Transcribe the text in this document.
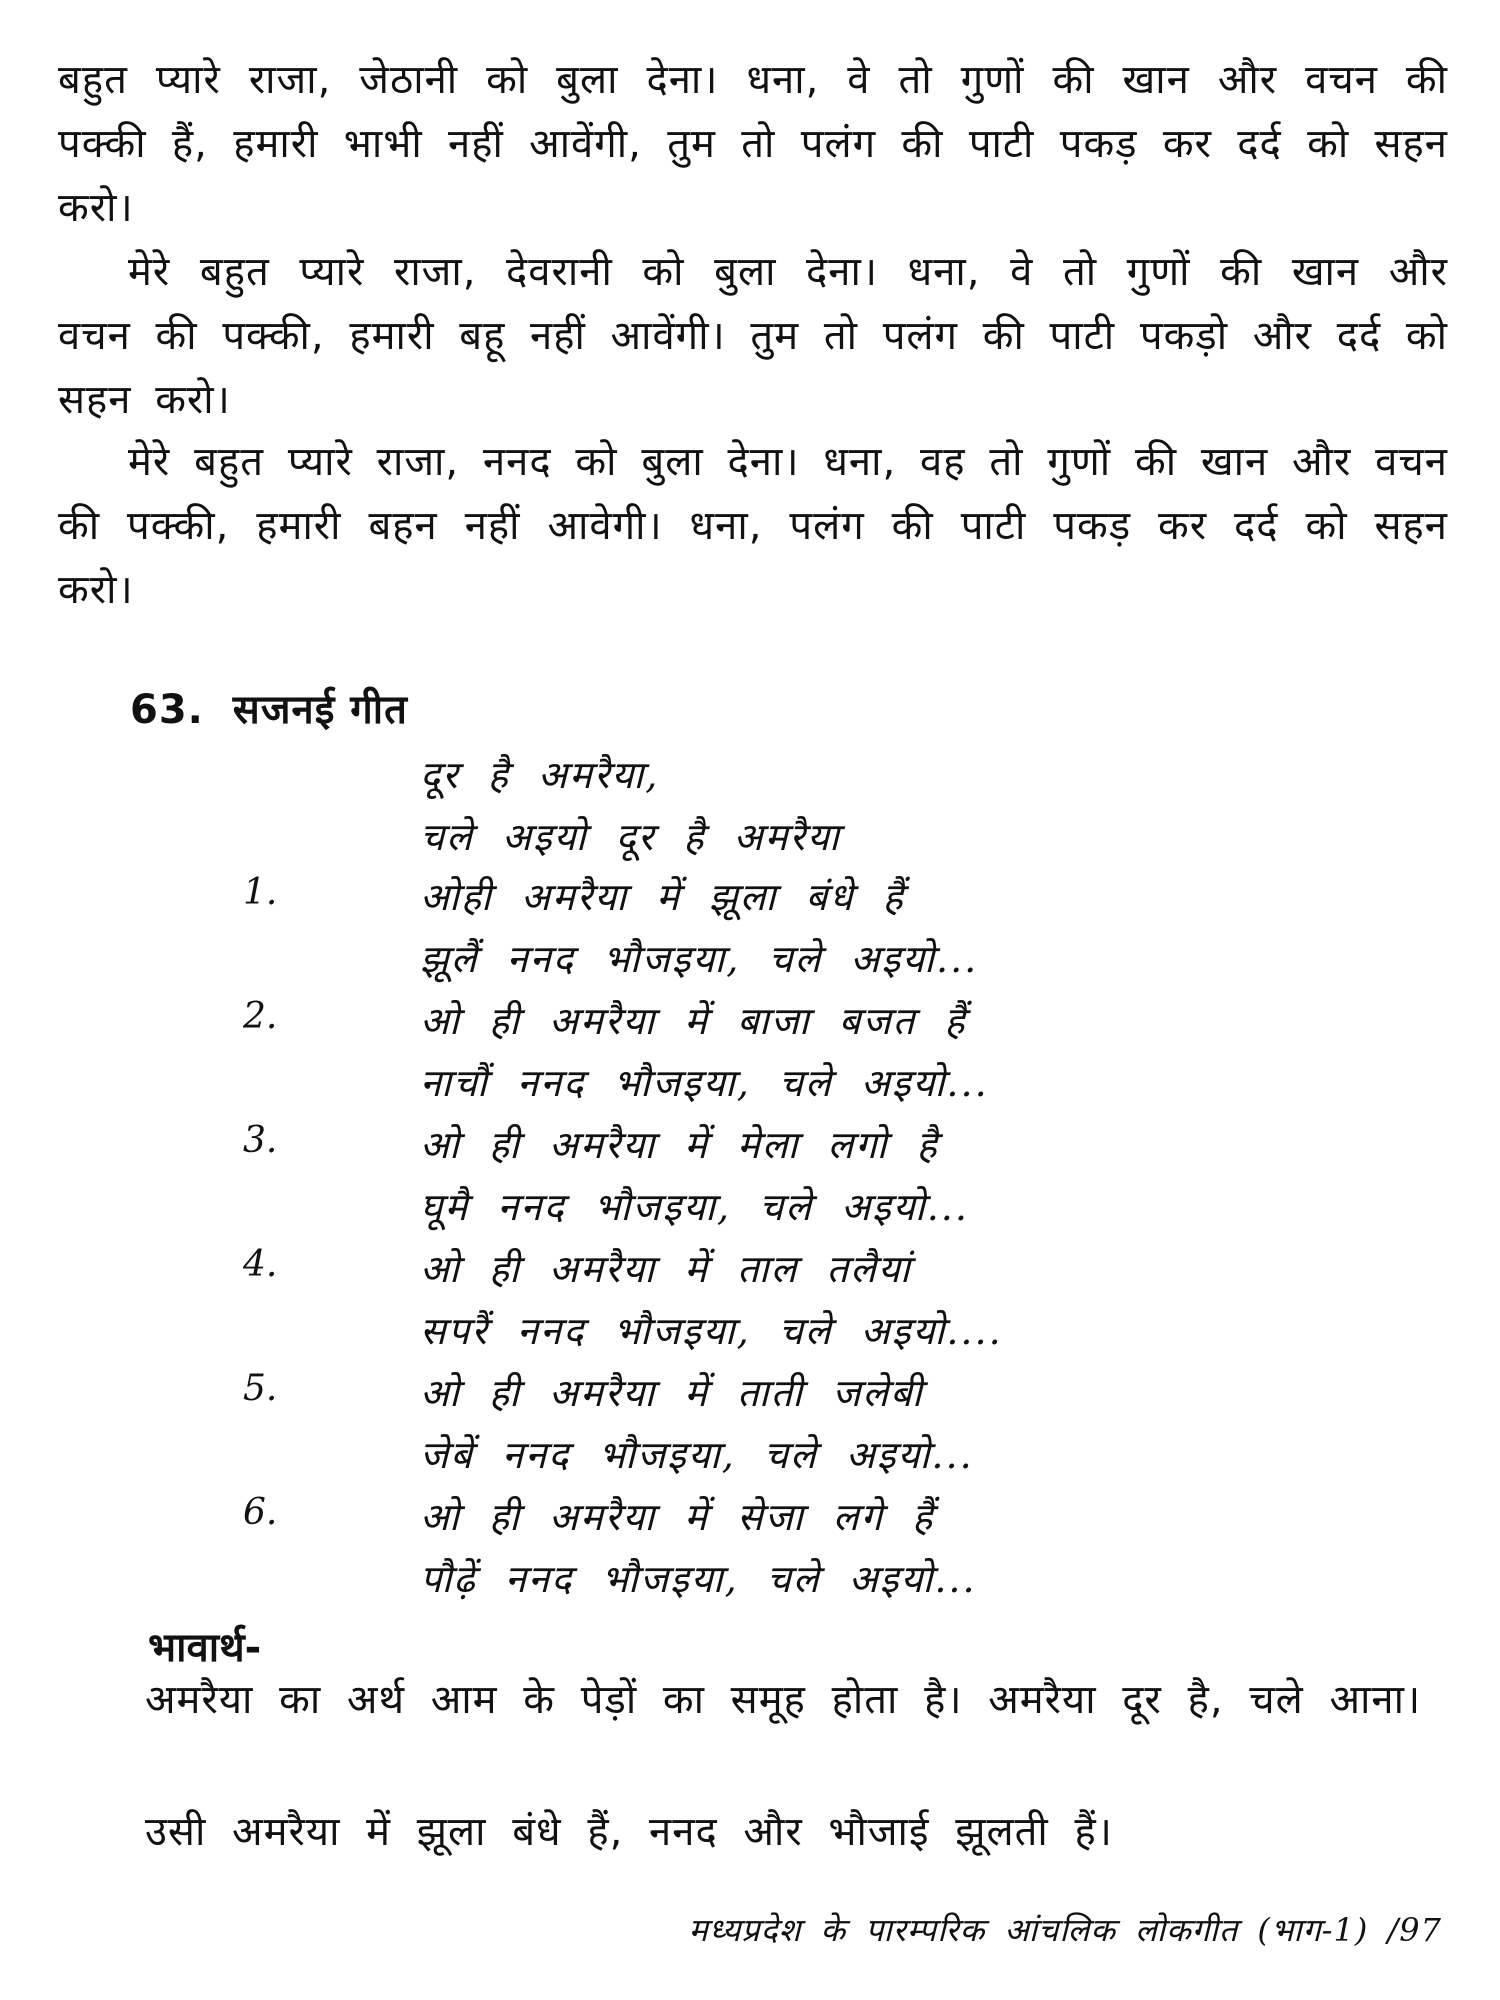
बहुत प्यारे राजा, जेठानी को बुला देना। धना, वे तो गुणों की खान और वचन की पक्की हैं, हमारी भाभी नहीं आवेंगी, तुम तो पलंग की पाटी पकड़ कर दर्द को सहन करो।
मेरे बहुत प्यारे राजा, देवरानी को बुला देना। धना, वे तो गुणों की खान और वचन की पक्की, हमारी बहू नहीं आवेंगी। तुम तो पलंग की पाटी पकड़ो और दर्द को सहन करो।
मेरे बहुत प्यारे राजा, ननद को बुला देना। धना, वह तो गुणों की खान और वचन की पक्की, हमारी बहन नहीं आवेगी। धना, पलंग की पाटी पकड़ कर दर्द को सहन करो।
63. सजनई गीत
दूर है अमरैया,
चले अइयो दूर है अमरैया
1.	ओही अमरैया में झूला बंधे हैं
झूलैं ननद भौजइया, चले अइयो...
2.	ओ ही अमरैया में बाजा बजत हैं
नाचौं ननद भौजइया, चले अइयो...
3.	ओ ही अमरैया में मेला लगो है
घूमै ननद भौजइया, चले अइयो...
4.	ओ ही अमरैया में ताल तलैयां
सपरैं ननद भौजइया, चले अइयो....
5.	ओ ही अमरैया में ताती जलेबी
जेबें ननद भौजइया, चले अइयो...
6.	ओ ही अमरैया में सेजा लगे हैं
पौढ़ें ननद भौजइया, चले अइयो...
भावार्थ-
अमरैया का अर्थ आम के पेड़ों का समूह होता है। अमरैया दूर है, चले आना।
उसी अमरैया में झूला बंधे हैं, ननद और भौजाई झूलती हैं।
मध्यप्रदेश के पारम्परिक आंचलिक लोकगीत (भाग-1) /97
